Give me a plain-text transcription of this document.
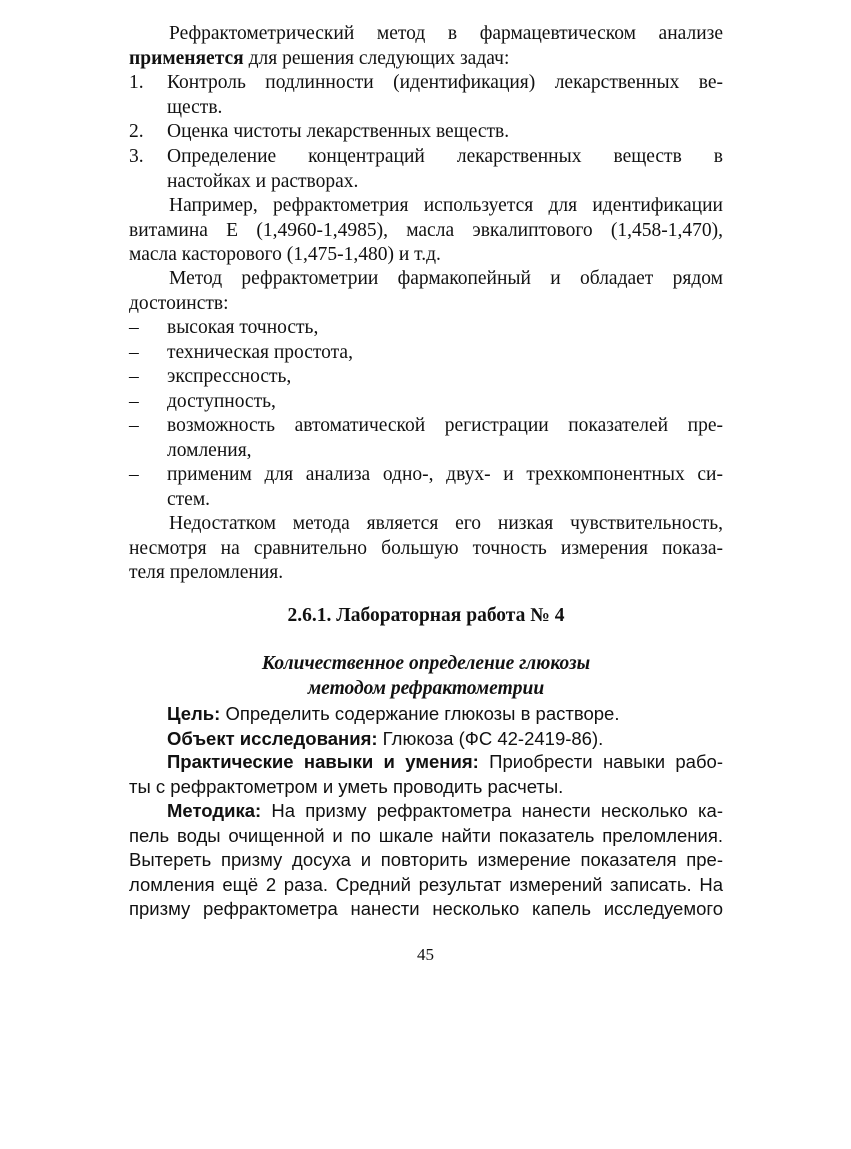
Рефрактометрический метод в фармацевтическом анализе
применяется для решения следующих задач:
1. Контроль подлинности (идентификация) лекарственных ве-
ществ.
2. Оценка чистоты лекарственных веществ.
3. Определение концентраций лекарственных веществ в
настойках и растворах.
Например, рефрактометрия используется для идентификации
витамина Е (1,4960-1,4985), масла эвкалиптового (1,458-1,470),
масла касторового (1,475-1,480) и т.д.
Метод рефрактометрии фармакопейный и обладает рядом
достоинств:
– высокая точность,
– техническая простота,
– экспрессность,
– доступность,
– возможность автоматической регистрации показателей пре-
ломления,
– применим для анализа одно-, двух- и трехкомпонентных си-
стем.
Недостатком метода является его низкая чувствительность,
несмотря на сравнительно большую точность измерения показа-
теля преломления.
2.6.1. Лабораторная работа № 4
Количественное определение глюкозы
методом рефрактометрии
Цель: Определить содержание глюкозы в растворе.
Объект исследования: Глюкоза (ФС 42-2419-86).
Практические навыки и умения: Приобрести навыки рабо-
ты с рефрактометром и уметь проводить расчеты.
Методика: На призму рефрактометра нанести несколько ка-
пель воды очищенной и по шкале найти показатель преломления.
Вытереть призму досуха и повторить измерение показателя пре-
ломления ещё 2 раза. Средний результат измерений записать. На
призму рефрактометра нанести несколько капель исследуемого
45
